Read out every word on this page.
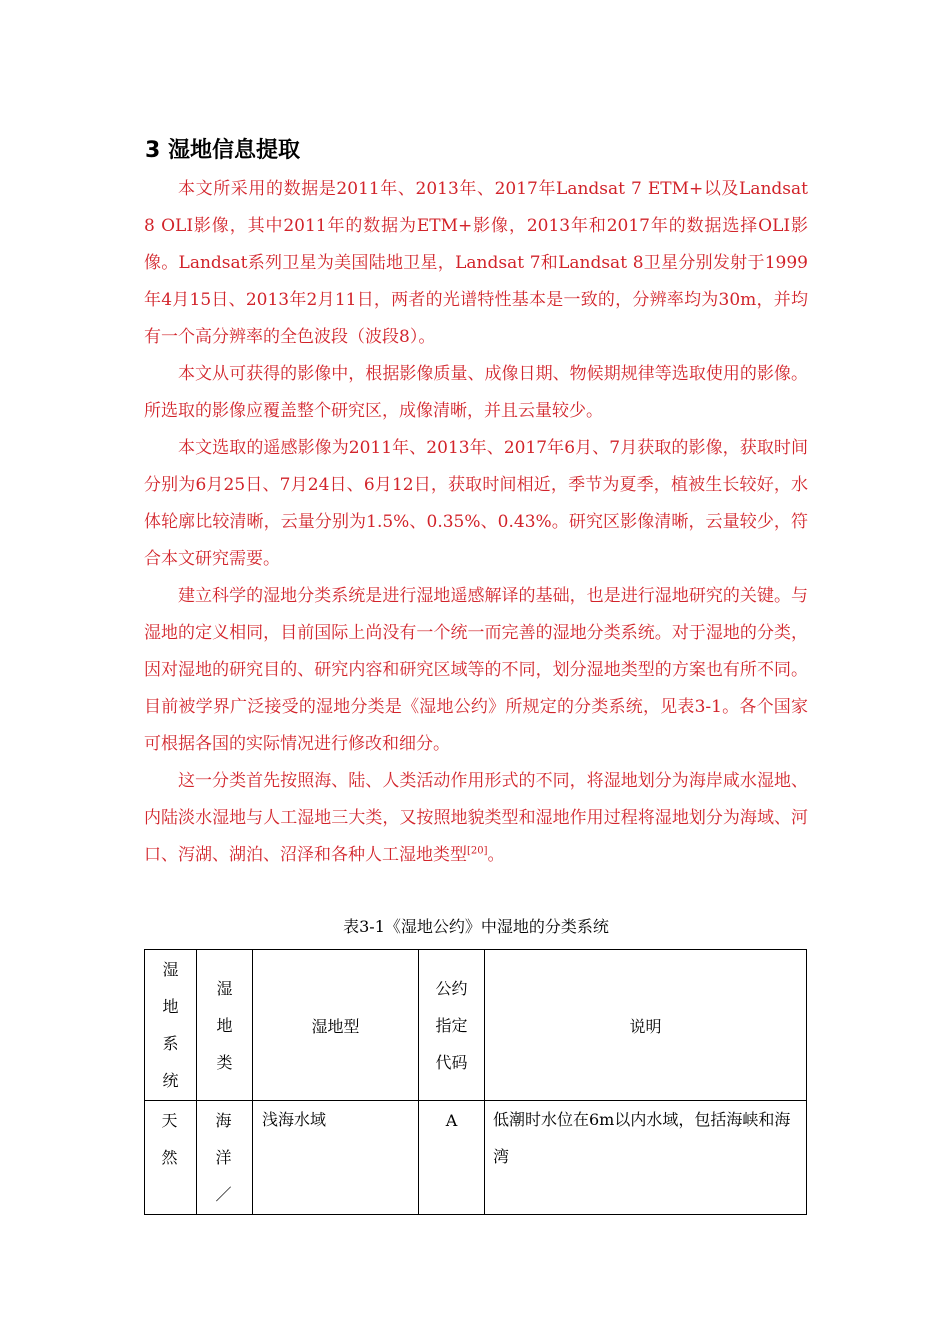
3 湿地信息提取

本文所采用的数据是2011年、2013年、2017年Landsat 7 ETM+以及Landsat 8 OLI影像，其中2011年的数据为ETM+影像，2013年和2017年的数据选择OLI影像。Landsat系列卫星为美国陆地卫星，Landsat 7和Landsat 8卫星分别发射于1999年4月15日、2013年2月11日，两者的光谱特性基本是一致的，分辨率均为30m，并均有一个高分辨率的全色波段（波段8）。

本文从可获得的影像中，根据影像质量、成像日期、物候期规律等选取使用的影像。所选取的影像应覆盖整个研究区，成像清晰，并且云量较少。

本文选取的遥感影像为2011年、2013年、2017年6月、7月获取的影像，获取时间分别为6月25日、7月24日、6月12日，获取时间相近，季节为夏季，植被生长较好，水体轮廓比较清晰，云量分别为1.5%、0.35%、0.43%。研究区影像清晰，云量较少，符合本文研究需要。

建立科学的湿地分类系统是进行湿地遥感解译的基础，也是进行湿地研究的关键。与湿地的定义相同，目前国际上尚没有一个统一而完善的湿地分类系统。对于湿地的分类，因对湿地的研究目的、研究内容和研究区域等的不同，划分湿地类型的方案也有所不同。目前被学界广泛接受的湿地分类是《湿地公约》所规定的分类系统，见表3-1。各个国家可根据各国的实际情况进行修改和细分。

这一分类首先按照海、陆、人类活动作用形式的不同，将湿地划分为海岸咸水湿地、内陆淡水湿地与人工湿地三大类，又按照地貌类型和湿地作用过程将湿地划分为海域、河口、泻湖、湖泊、沼泽和各种人工湿地类型[20]。

表3-1《湿地公约》中湿地的分类系统

湿地系统	湿地类	湿地型	公约指定代码	说明

天然	海洋／	浅海水域	A	低潮时水位在6m以内水域，包括海峡和海湾
